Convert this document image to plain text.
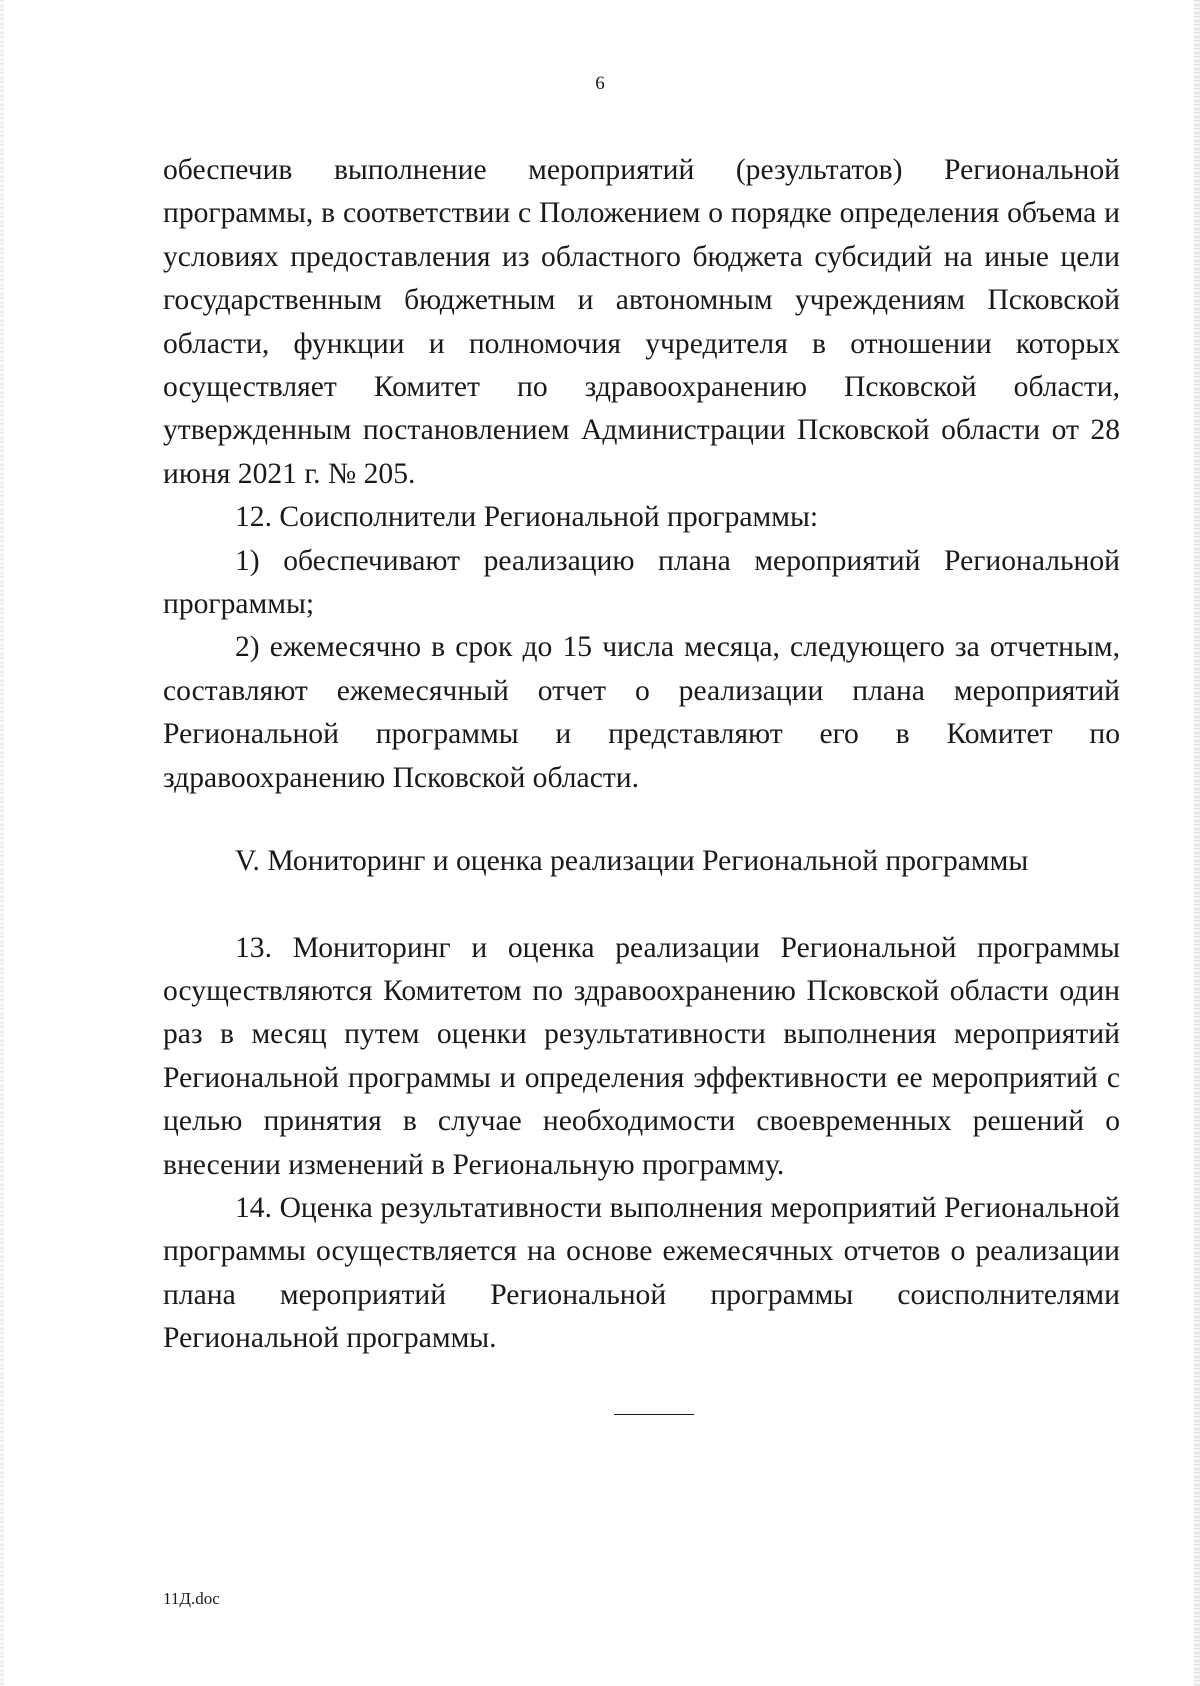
6

обеспечив выполнение мероприятий (результатов) Региональной программы, в соответствии с Положением о порядке определения объема и условиях предоставления из областного бюджета субсидий на иные цели государственным бюджетным и автономным учреждениям Псковской области, функции и полномочия учредителя в отношении которых осуществляет Комитет по здравоохранению Псковской области, утвержденным постановлением Администрации Псковской области от 28 июня 2021 г. № 205.

12. Соисполнители Региональной программы:

1) обеспечивают реализацию плана мероприятий Региональной программы;

2) ежемесячно в срок до 15 числа месяца, следующего за отчетным, составляют ежемесячный отчет о реализации плана мероприятий Региональной программы и представляют его в Комитет по здравоохранению Псковской области.

V. Мониторинг и оценка реализации Региональной программы

13. Мониторинг и оценка реализации Региональной программы осуществляются Комитетом по здравоохранению Псковской области один раз в месяц путем оценки результативности выполнения мероприятий Региональной программы и определения эффективности ее мероприятий с целью принятия в случае необходимости своевременных решений о внесении изменений в Региональную программу.

14. Оценка результативности выполнения мероприятий Региональной программы осуществляется на основе ежемесячных отчетов о реализации плана мероприятий Региональной программы соисполнителями Региональной программы.

11Д.doc
